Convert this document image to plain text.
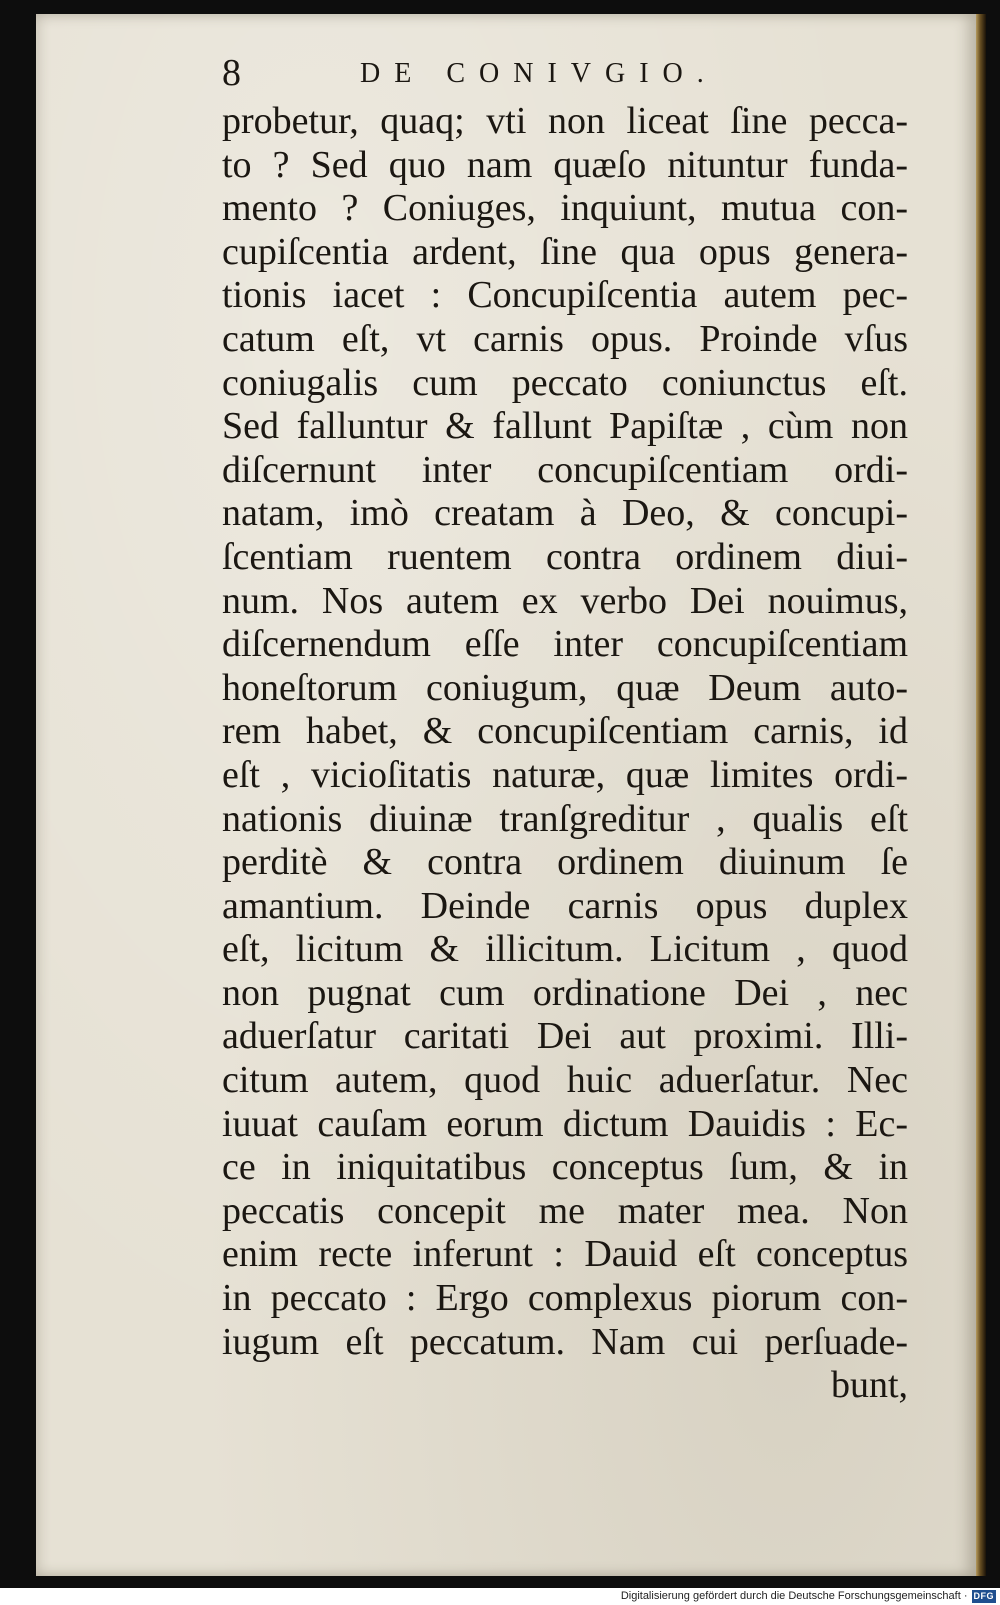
8	DE CONIVGIO.
probetur, quaq; vti non liceat ſine pecca-
to ? Sed quo nam quæſo nituntur funda-
mento ? Coniuges, inquiunt, mutua con-
cupiſcentia ardent, ſine qua opus genera-
tionis iacet : Concupiſcentia autem pec-
catum eſt, vt carnis opus. Proinde vſus
coniugalis cum peccato coniunctus eſt.
Sed falluntur & fallunt Papiſtæ , cùm non
diſcernunt inter concupiſcentiam ordi-
natam, imò creatam à Deo, & concupi-
ſcentiam ruentem contra ordinem diui-
num. Nos autem ex verbo Dei nouimus,
diſcernendum eſſe inter concupiſcentiam
honeſtorum coniugum, quæ Deum auto-
rem habet, & concupiſcentiam carnis, id
eſt , vicioſitatis naturæ, quæ limites ordi-
nationis diuinæ tranſgreditur , qualis eſt
perditè & contra ordinem diuinum ſe
amantium. Deinde carnis opus duplex
eſt, licitum & illicitum. Licitum , quod
non pugnat cum ordinatione Dei , nec
aduerſatur caritati Dei aut proximi. Illi-
citum autem, quod huic aduerſatur. Nec
iuuat cauſam eorum dictum Dauidis : Ec-
ce in iniquitatibus conceptus ſum, & in
peccatis concepit me mater mea. Non
enim recte inferunt : Dauid eſt conceptus
in peccato : Ergo complexus piorum con-
iugum eſt peccatum. Nam cui perſuade-
bunt,
Digitalisierung gefördert durch die Deutsche Forschungsgemeinschaft · DFG
